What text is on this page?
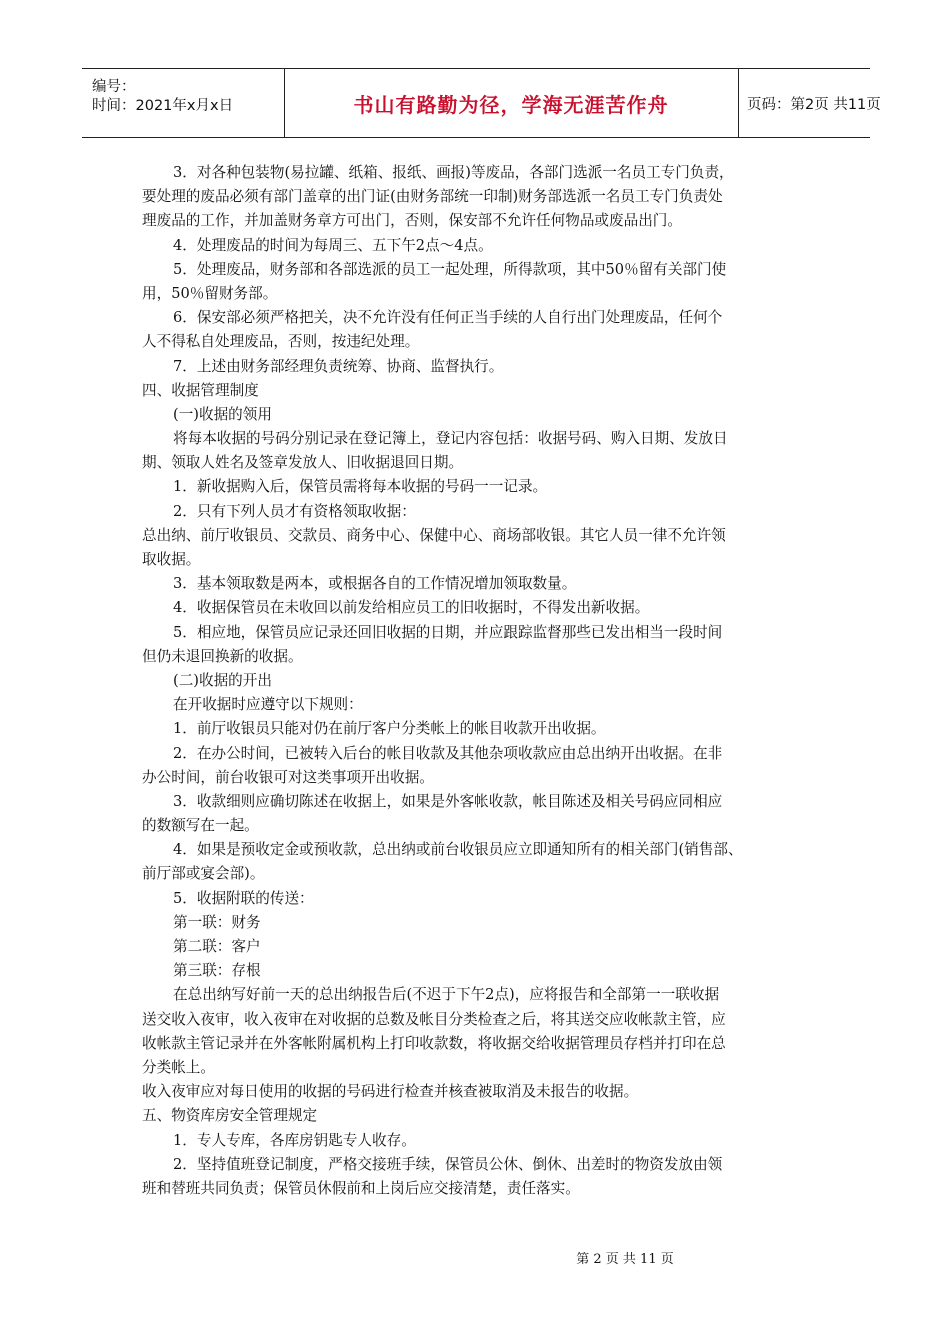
编号：
时间：2021年x月x日	书山有路勤为径，学海无涯苦作舟	页码：第2页 共11页
3．对各种包装物(易拉罐、纸箱、报纸、画报)等废品，各部门选派一名员工专门负责，
要处理的废品必须有部门盖章的出门证(由财务部统一印制)财务部选派一名员工专门负责处
理废品的工作，并加盖财务章方可出门，否则，保安部不允许任何物品或废品出门。
4．处理废品的时间为每周三、五下午2点～4点。
5．处理废品，财务部和各部选派的员工一起处理，所得款项，其中50％留有关部门使
用，50％留财务部。
6．保安部必须严格把关，决不允许没有任何正当手续的人自行出门处理废品，任何个
人不得私自处理废品，否则，按违纪处理。
7．上述由财务部经理负责统筹、协商、监督执行。
四、收据管理制度
(一)收据的领用
将每本收据的号码分别记录在登记簿上，登记内容包括：收据号码、购入日期、发放日
期、领取人姓名及签章发放人、旧收据退回日期。
1．新收据购入后，保管员需将每本收据的号码一一记录。
2．只有下列人员才有资格领取收据：
总出纳、前厅收银员、交款员、商务中心、保健中心、商场部收银。其它人员一律不允许领
取收据。
3．基本领取数是两本，或根据各自的工作情况增加领取数量。
4．收据保管员在未收回以前发给相应员工的旧收据时，不得发出新收据。
5．相应地，保管员应记录还回旧收据的日期，并应跟踪监督那些已发出相当一段时间
但仍未退回换新的收据。
(二)收据的开出
在开收据时应遵守以下规则：
1．前厅收银员只能对仍在前厅客户分类帐上的帐目收款开出收据。
2．在办公时间，已被转入后台的帐目收款及其他杂项收款应由总出纳开出收据。在非
办公时间，前台收银可对这类事项开出收据。
3．收款细则应确切陈述在收据上，如果是外客帐收款，帐目陈述及相关号码应同相应
的数额写在一起。
4．如果是预收定金或预收款，总出纳或前台收银员应立即通知所有的相关部门(销售部、
前厅部或宴会部)。
5．收据附联的传送：
第一联：财务
第二联：客户
第三联：存根
在总出纳写好前一天的总出纳报告后(不迟于下午2点)，应将报告和全部第一一联收据
送交收入夜审，收入夜审在对收据的总数及帐目分类检查之后，将其送交应收帐款主管，应
收帐款主管记录并在外客帐附属机构上打印收款数，将收据交给收据管理员存档并打印在总
分类帐上。
收入夜审应对每日使用的收据的号码进行检查并核查被取消及未报告的收据。
五、物资库房安全管理规定
1．专人专库，各库房钥匙专人收存。
2．坚持值班登记制度，严格交接班手续，保管员公休、倒休、出差时的物资发放由领
班和替班共同负责；保管员休假前和上岗后应交接清楚，责任落实。
第 2 页 共 11 页
